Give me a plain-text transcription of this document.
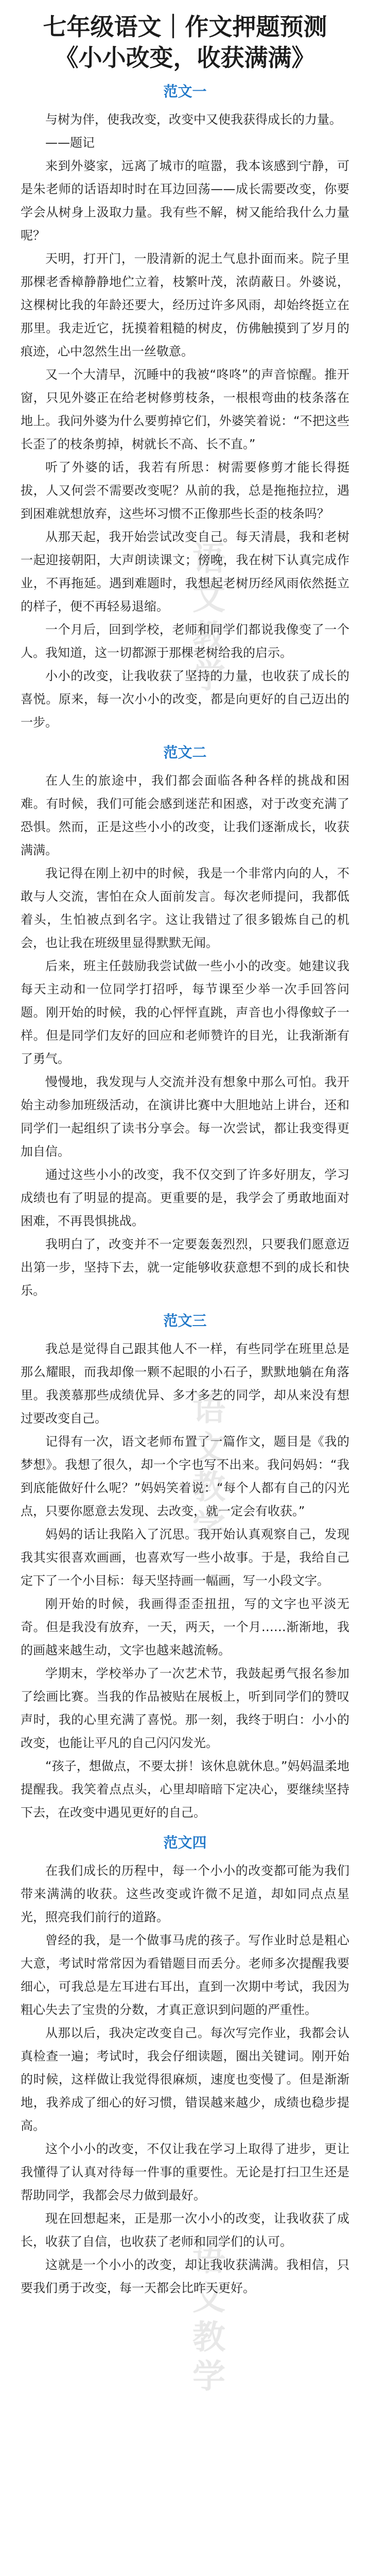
七年级语文｜作文押题预测
《小小改变，收获满满》
范文一

与树为伴，使我改变，改变中又使我获得成长的力量。

——题记

来到外婆家，远离了城市的喧嚣，我本该感到宁静，可是朱老师的话语却时时在耳边回荡——成长需要改变，你要学会从树身上汲取力量。我有些不解，树又能给我什么力量呢？

天明，打开门，一股清新的泥土气息扑面而来。院子里那棵老香樟静静地伫立着，枝繁叶茂，浓荫蔽日。外婆说，这棵树比我的年龄还要大，经历过许多风雨，却始终挺立在那里。我走近它，抚摸着粗糙的树皮，仿佛触摸到了岁月的痕迹，心中忽然生出一丝敬意。

又一个大清早，沉睡中的我被“咚咚”的声音惊醒。推开窗，只见外婆正在给老树修剪枝条，一根根弯曲的枝条落在地上。我问外婆为什么要剪掉它们，外婆笑着说：“不把这些长歪了的枝条剪掉，树就长不高、长不直。”

听了外婆的话，我若有所思：树需要修剪才能长得挺拔，人又何尝不需要改变呢？从前的我，总是拖拖拉拉，遇到困难就想放弃，这些坏习惯不正像那些长歪的枝条吗？

从那天起，我开始尝试改变自己。每天清晨，我和老树一起迎接朝阳，大声朗读课文；傍晚，我在树下认真完成作业，不再拖延。遇到难题时，我想起老树历经风雨依然挺立的样子，便不再轻易退缩。

一个月后，回到学校，老师和同学们都说我像变了一个人。我知道，这一切都源于那棵老树给我的启示。

小小的改变，让我收获了坚持的力量，也收获了成长的喜悦。原来，每一次小小的改变，都是向更好的自己迈出的一步。

范文二

在人生的旅途中，我们都会面临各种各样的挑战和困难。有时候，我们可能会感到迷茫和困惑，对于改变充满了恐惧。然而，正是这些小小的改变，让我们逐渐成长，收获满满。

我记得在刚上初中的时候，我是一个非常内向的人，不敢与人交流，害怕在众人面前发言。每次老师提问，我都低着头，生怕被点到名字。这让我错过了很多锻炼自己的机会，也让我在班级里显得默默无闻。

后来，班主任鼓励我尝试做一些小小的改变。她建议我每天主动和一位同学打招呼，每节课至少举一次手回答问题。刚开始的时候，我的心怦怦直跳，声音也小得像蚊子一样。但是同学们友好的回应和老师赞许的目光，让我渐渐有了勇气。

慢慢地，我发现与人交流并没有想象中那么可怕。我开始主动参加班级活动，在演讲比赛中大胆地站上讲台，还和同学们一起组织了读书分享会。每一次尝试，都让我变得更加自信。

通过这些小小的改变，我不仅交到了许多好朋友，学习成绩也有了明显的提高。更重要的是，我学会了勇敢地面对困难，不再畏惧挑战。

我明白了，改变并不一定要轰轰烈烈，只要我们愿意迈出第一步，坚持下去，就一定能够收获意想不到的成长和快乐。

范文三

我总是觉得自己跟其他人不一样，有些同学在班里总是那么耀眼，而我却像一颗不起眼的小石子，默默地躺在角落里。我羡慕那些成绩优异、多才多艺的同学，却从来没有想过要改变自己。

记得有一次，语文老师布置了一篇作文，题目是《我的梦想》。我想了很久，却一个字也写不出来。我问妈妈：“我到底能做好什么呢？”妈妈笑着说：“每个人都有自己的闪光点，只要你愿意去发现、去改变，就一定会有收获。”

妈妈的话让我陷入了沉思。我开始认真观察自己，发现我其实很喜欢画画，也喜欢写一些小故事。于是，我给自己定下了一个小目标：每天坚持画一幅画，写一小段文字。

刚开始的时候，我画得歪歪扭扭，写的文字也平淡无奇。但是我没有放弃，一天，两天，一个月……渐渐地，我的画越来越生动，文字也越来越流畅。

学期末，学校举办了一次艺术节，我鼓起勇气报名参加了绘画比赛。当我的作品被贴在展板上，听到同学们的赞叹声时，我的心里充满了喜悦。那一刻，我终于明白：小小的改变，也能让平凡的自己闪闪发光。

“孩子，想做点，不要太拼！该休息就休息。”妈妈温柔地提醒我。我笑着点点头，心里却暗暗下定决心，要继续坚持下去，在改变中遇见更好的自己。

范文四

在我们成长的历程中，每一个小小的改变都可能为我们带来满满的收获。这些改变或许微不足道，却如同点点星光，照亮我们前行的道路。

曾经的我，是一个做事马虎的孩子。写作业时总是粗心大意，考试时常常因为看错题目而丢分。老师多次提醒我要细心，可我总是左耳进右耳出，直到一次期中考试，我因为粗心失去了宝贵的分数，才真正意识到问题的严重性。

从那以后，我决定改变自己。每次写完作业，我都会认真检查一遍；考试时，我会仔细读题，圈出关键词。刚开始的时候，这样做让我觉得很麻烦，速度也变慢了。但是渐渐地，我养成了细心的好习惯，错误越来越少，成绩也稳步提高。

这个小小的改变，不仅让我在学习上取得了进步，更让我懂得了认真对待每一件事的重要性。无论是打扫卫生还是帮助同学，我都会尽力做到最好。

现在回想起来，正是那一次小小的改变，让我收获了成长，收获了自信，也收获了老师和同学们的认可。

这就是一个小小的改变，却让我收获满满。我相信，只要我们勇于改变，每一天都会比昨天更好。

语文教学
语文教学
语文教学
